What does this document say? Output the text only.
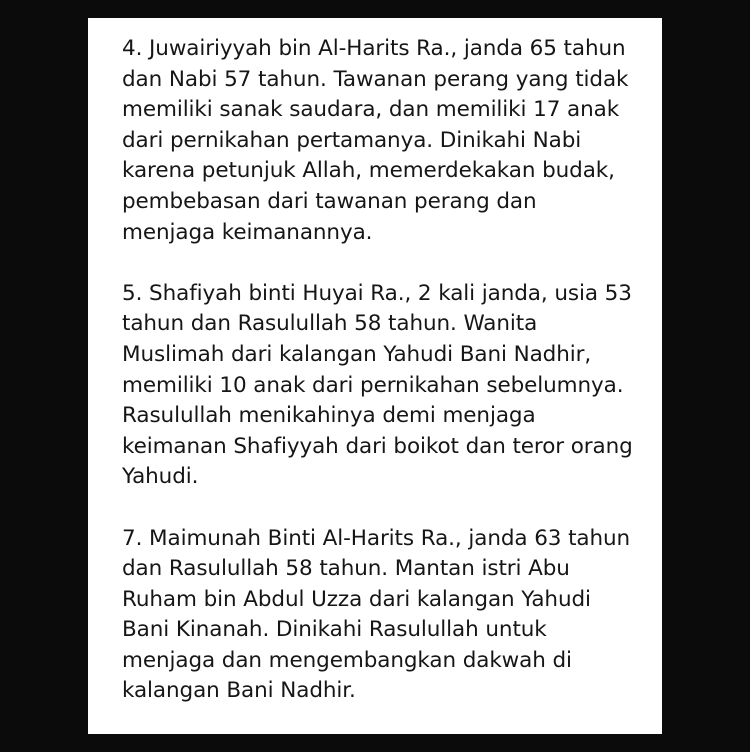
4. Juwairiyyah bin Al-Harits Ra., janda 65 tahun
dan Nabi 57 tahun. Tawanan perang yang tidak
memiliki sanak saudara, dan memiliki 17 anak
dari pernikahan pertamanya. Dinikahi Nabi
karena petunjuk Allah, memerdekakan budak,
pembebasan dari tawanan perang dan
menjaga keimanannya.

5. Shafiyah binti Huyai Ra., 2 kali janda, usia 53
tahun dan Rasulullah 58 tahun. Wanita
Muslimah dari kalangan Yahudi Bani Nadhir,
memiliki 10 anak dari pernikahan sebelumnya.
Rasulullah menikahinya demi menjaga
keimanan Shafiyyah dari boikot dan teror orang
Yahudi.

7. Maimunah Binti Al-Harits Ra., janda 63 tahun
dan Rasulullah 58 tahun. Mantan istri Abu
Ruham bin Abdul Uzza dari kalangan Yahudi
Bani Kinanah. Dinikahi Rasulullah untuk
menjaga dan mengembangkan dakwah di
kalangan Bani Nadhir.
